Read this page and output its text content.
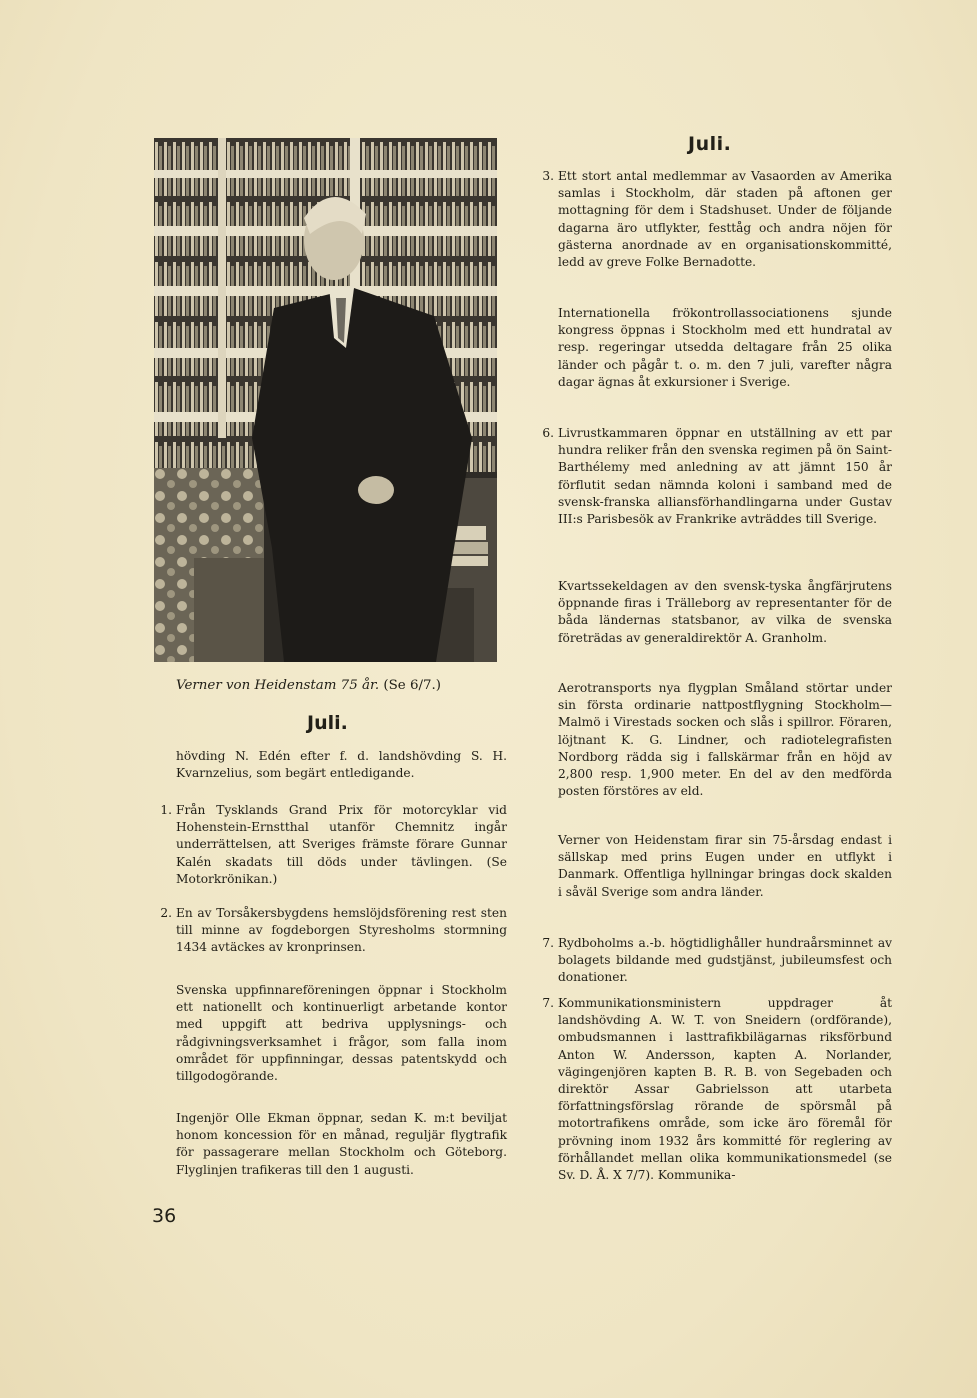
Juli.
Verner von Heidenstam 75 år. (Se 6/7.)
Juli.

3. Ett stort antal medlemmar av Vasaorden av Amerika samlas i Stockholm, där staden på aftonen ger mottagning för dem i Stadshuset. Under de följande dagarna äro utflykter, festtåg och andra nöjen för gästerna anordnade av en organisationskommitté, ledd av greve Folke Bernadotte.

Internationella frökontrollassociationens sjunde kongress öppnas i Stockholm med ett hundratal av resp. regeringar utsedda deltagare från 25 olika länder och pågår t. o. m. den 7 juli, varefter några dagar ägnas åt exkursioner i Sverige.

6. Livrustkammaren öppnar en utställning av ett par hundra reliker från den svenska regimen på ön Saint-Barthélemy med anledning av att jämnt 150 år förflutit sedan nämnda koloni i samband med de svensk-franska alliansförhandlingarna under Gustav III:s Parisbesök av Frankrike avträddes till Sverige.

Kvartssekeldagen av den svensk-tyska ångfärjrutens öppnande firas i Trälleborg av representanter för de båda ländernas statsbanor, av vilka de svenska företrädas av generaldirektör A. Granholm.

Aerotransports nya flygplan Småland störtar under sin första ordinarie nattpostflygning Stockholm—Malmö i Virestads socken och slås i spillror. Föraren, löjtnant K. G. Lindner, och radiotelegrafisten Nordborg rädda sig i fallskärmar från en höjd av 2,800 resp. 1,900 meter. En del av den medförda posten förstöres av eld.

Verner von Heidenstam firar sin 75-årsdag endast i sällskap med prins Eugen under en utflykt i Danmark. Offentliga hyllningar bringas dock skalden i såväl Sverige som andra länder.

7. Rydboholms a.-b. högtidlighåller hundraårsminnet av bolagets bildande med gudstjänst, jubileumsfest och donationer.

7. Kommunikationsministern uppdrager åt landshövding A. W. T. von Sneidern (ordförande), ombudsmannen i lasttrafikbilägarnas riksförbund Anton W. Andersson, kapten A. Norlander, vägingenjören kapten B. R. B. von Segebaden och direktör Assar Gabrielsson att utarbeta författningsförslag rörande de spörsmål på motortrafikens område, som icke äro föremål för prövning inom 1932 års kommitté för reglering av förhållandet mellan olika kommunikationsmedel (se Sv. D. Å. X 7/7). Kommunika-

hövding N. Edén efter f. d. landshövding S. H. Kvarnzelius, som begärt entledigande.

1. Från Tysklands Grand Prix för motorcyklar vid Hohenstein-Ernstthal utanför Chemnitz ingår underrättelsen, att Sveriges främste förare Gunnar Kalén skadats till döds under tävlingen. (Se Motorkrönikan.)

2. En av Torsåkersbygdens hemslöjdsförening rest sten till minne av fogdeborgen Styresholms stormning 1434 avtäckes av kronprinsen.

Svenska uppfinnareföreningen öppnar i Stockholm ett nationellt och kontinuerligt arbetande kontor med uppgift att bedriva upplysnings- och rådgivningsverksamhet i frågor, som falla inom området för uppfinningar, dessas patentskydd och tillgodogörande.

Ingenjör Olle Ekman öppnar, sedan K. m:t beviljat honom koncession för en månad, reguljär flygtrafik för passagerare mellan Stockholm och Göteborg. Flyglinjen trafikeras till den 1 augusti.

36
